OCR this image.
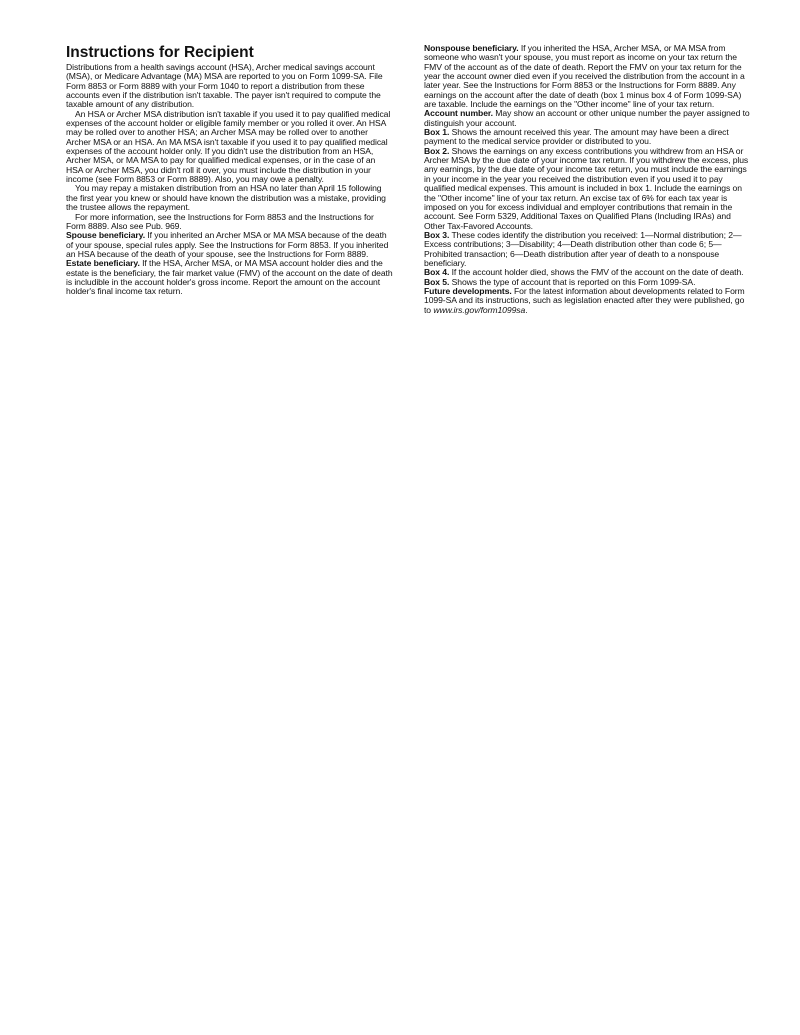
Instructions for Recipient

Distributions from a health savings account (HSA), Archer medical savings account (MSA), or Medicare Advantage (MA) MSA are reported to you on Form 1099-SA. File Form 8853 or Form 8889 with your Form 1040 to report a distribution from these accounts even if the distribution isn't taxable. The payer isn't required to compute the taxable amount of any distribution.

An HSA or Archer MSA distribution isn't taxable if you used it to pay qualified medical expenses of the account holder or eligible family member or you rolled it over. An HSA may be rolled over to another HSA; an Archer MSA may be rolled over to another Archer MSA or an HSA. An MA MSA isn't taxable if you used it to pay qualified medical expenses of the account holder only. If you didn't use the distribution from an HSA, Archer MSA, or MA MSA to pay for qualified medical expenses, or in the case of an HSA or Archer MSA, you didn't roll it over, you must include the distribution in your income (see Form 8853 or Form 8889). Also, you may owe a penalty.

You may repay a mistaken distribution from an HSA no later than April 15 following the first year you knew or should have known the distribution was a mistake, providing the trustee allows the repayment.

For more information, see the Instructions for Form 8853 and the Instructions for Form 8889. Also see Pub. 969.

Spouse beneficiary. If you inherited an Archer MSA or MA MSA because of the death of your spouse, special rules apply. See the Instructions for Form 8853. If you inherited an HSA because of the death of your spouse, see the Instructions for Form 8889.

Estate beneficiary. If the HSA, Archer MSA, or MA MSA account holder dies and the estate is the beneficiary, the fair market value (FMV) of the account on the date of death is includible in the account holder's gross income. Report the amount on the account holder's final income tax return.

Nonspouse beneficiary. If you inherited the HSA, Archer MSA, or MA MSA from someone who wasn't your spouse, you must report as income on your tax return the FMV of the account as of the date of death. Report the FMV on your tax return for the year the account owner died even if you received the distribution from the account in a later year. See the Instructions for Form 8853 or the Instructions for Form 8889. Any earnings on the account after the date of death (box 1 minus box 4 of Form 1099-SA) are taxable. Include the earnings on the "Other income" line of your tax return.

Account number. May show an account or other unique number the payer assigned to distinguish your account.

Box 1. Shows the amount received this year. The amount may have been a direct payment to the medical service provider or distributed to you.

Box 2. Shows the earnings on any excess contributions you withdrew from an HSA or Archer MSA by the due date of your income tax return. If you withdrew the excess, plus any earnings, by the due date of your income tax return, you must include the earnings in your income in the year you received the distribution even if you used it to pay qualified medical expenses. This amount is included in box 1. Include the earnings on the "Other income" line of your tax return. An excise tax of 6% for each tax year is imposed on you for excess individual and employer contributions that remain in the account. See Form 5329, Additional Taxes on Qualified Plans (Including IRAs) and Other Tax-Favored Accounts.

Box 3. These codes identify the distribution you received: 1—Normal distribution; 2—Excess contributions; 3—Disability; 4—Death distribution other than code 6; 5—Prohibited transaction; 6—Death distribution after year of death to a nonspouse beneficiary.

Box 4. If the account holder died, shows the FMV of the account on the date of death.

Box 5. Shows the type of account that is reported on this Form 1099-SA.

Future developments. For the latest information about developments related to Form 1099-SA and its instructions, such as legislation enacted after they were published, go to www.irs.gov/form1099sa.
